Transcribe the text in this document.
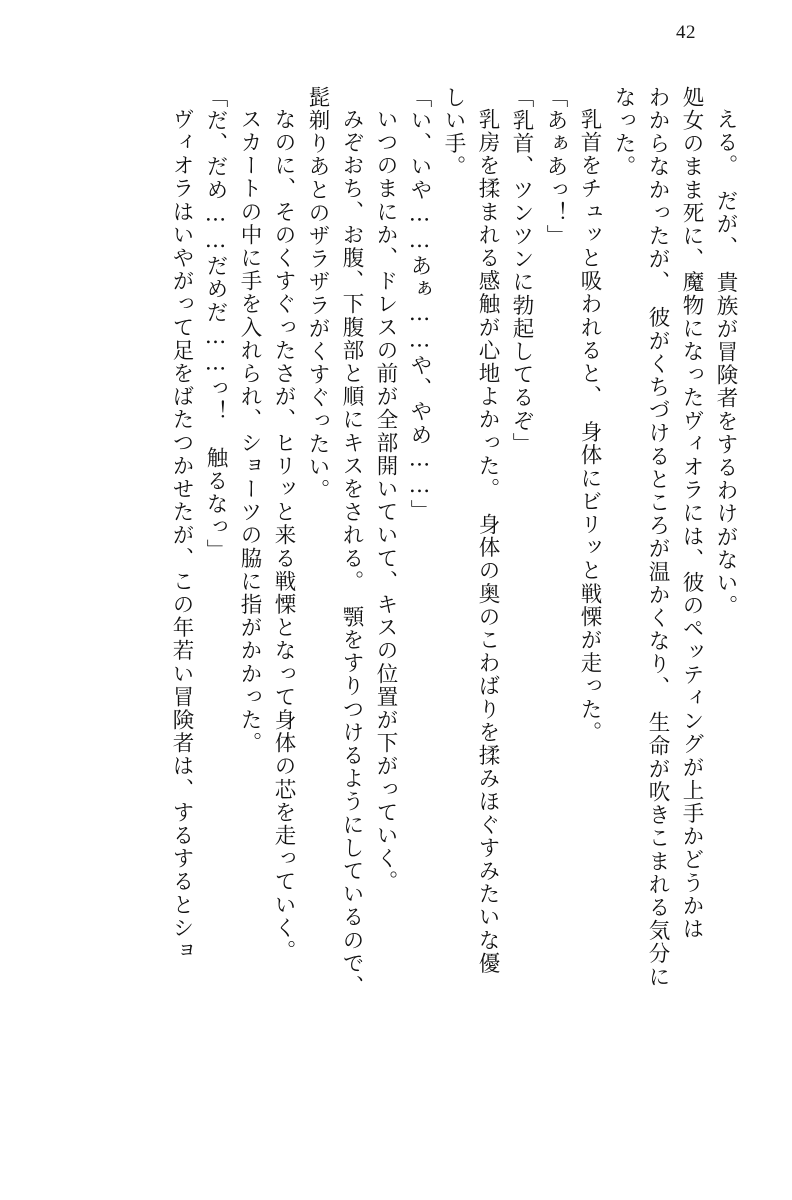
42
える。　だが、　貴族が冒険者をするわけがない。
処女のまま死に、魔物になったヴィオラには、彼のペッティングが上手かどうかは
わからなかったが、　彼がくちづけるところが温かくなり、　生命が吹きこまれる気分に
なった。
乳首をチュッと吸われると、　身体にビリッと戦慄が走った。
「あぁあっ！」
「乳首、ツンツンに勃起してるぞ」
乳房を揉まれる感触が心地よかった。　身体の奥のこわばりを揉みほぐすみたいな優
しい手。
「い、いや……あぁ……や、やめ……」
いつのまにか、ドレスの前が全部開いていて、キスの位置が下がっていく。
みぞおち、お腹、下腹部と順にキスをされる。　顎をすりつけるようにしているので、
髭剃りあとのザラザラがくすぐったい。
なのに、そのくすぐったさが、ヒリッと来る戦慄となって身体の芯を走っていく。
スカートの中に手を入れられ、ショーツの脇に指がかかった。
「だ、だめ……だめだ……っ！　触るなっ」
ヴィオラはいやがって足をばたつかせたが、この年若い冒険者は、するするとショ
